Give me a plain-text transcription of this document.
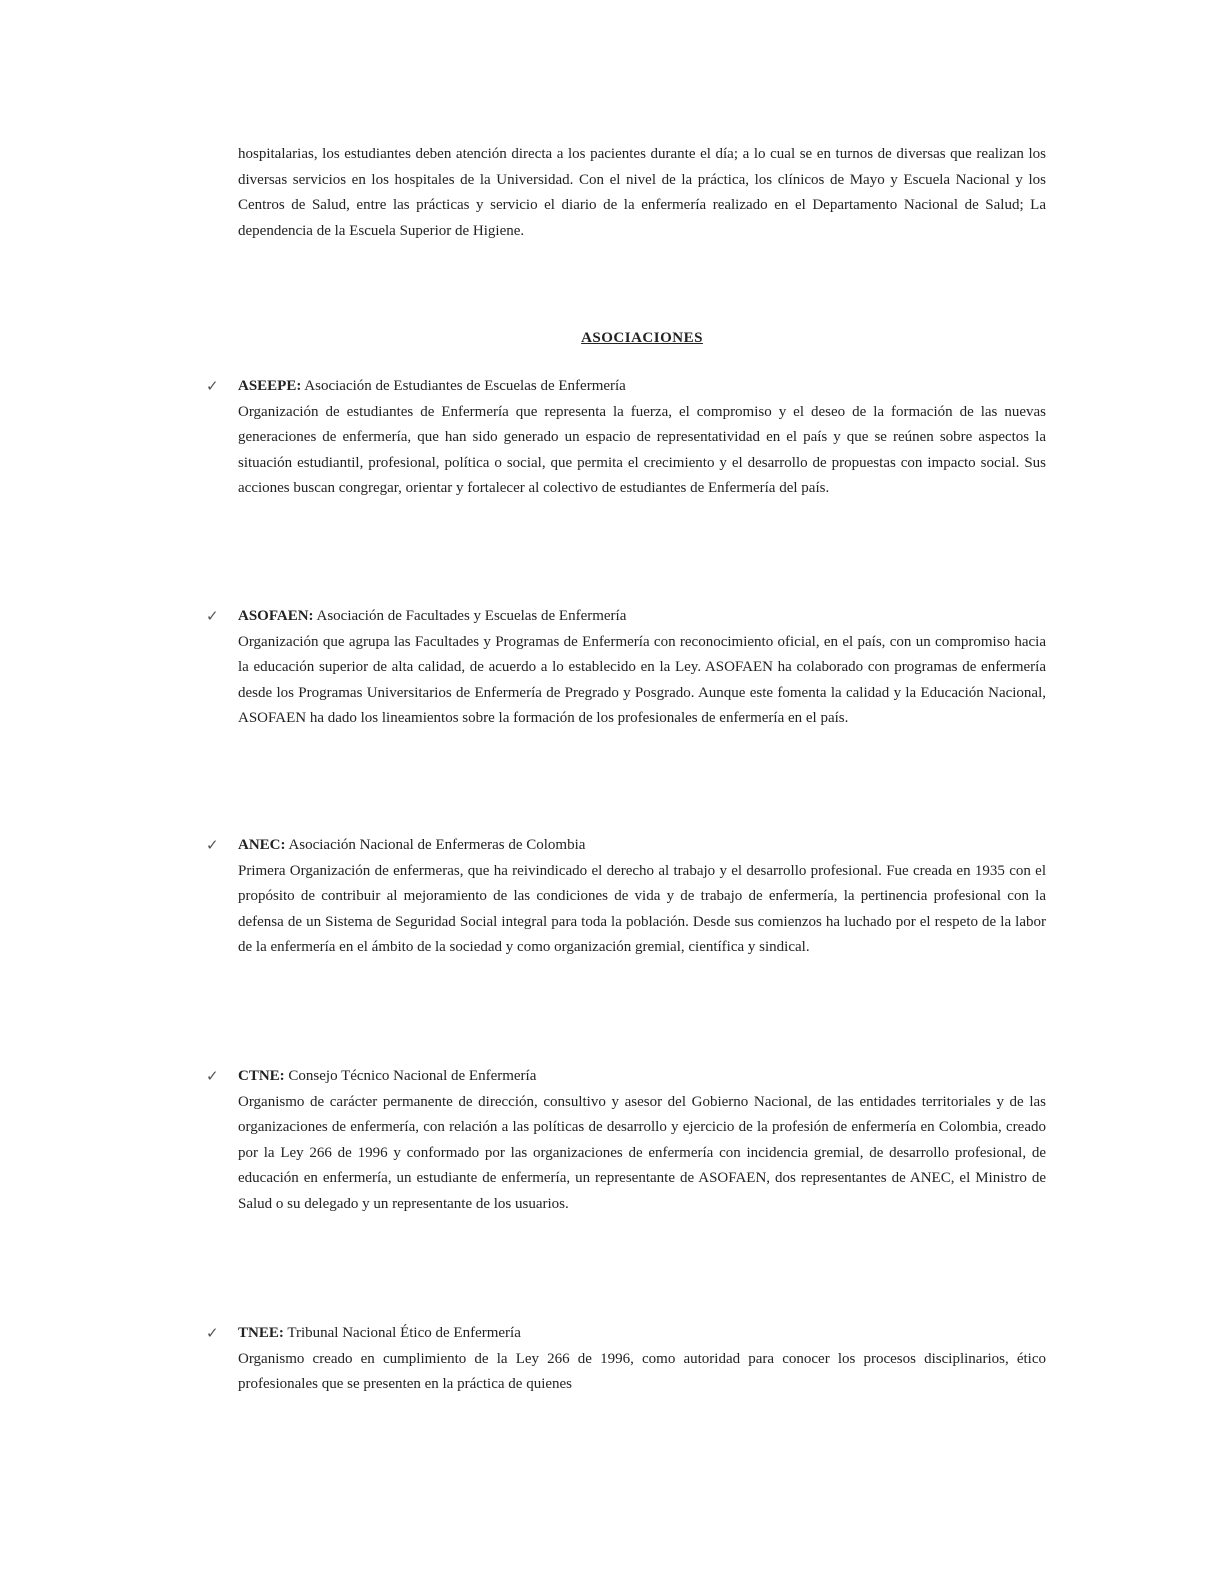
hospitalarias, los estudiantes deben atención directa a los pacientes durante el día; a lo cual se en turnos de diversas que realizan los diversas servicios en los hospitales de la Universidad. Con el nivel de la práctica, los clínicos de Mayo y Escuela Nacional y los Centros de Salud, entre las prácticas y servicio el diario de la enfermería realizado en el Departamento Nacional de Salud; La dependencia de la Escuela Superior de Higiene.

ASOCIACIONES

✓ ASEEPE: Asociación de Estudiantes de Escuelas de Enfermería

Organización de estudiantes de Enfermería que representa la fuerza, el compromiso y el deseo de la formación de las nuevas generaciones de enfermería, que han sido generado un espacio de representatividad en el país y que se reúnen sobre aspectos la situación estudiantil, profesional, política o social, que permita el crecimiento y el desarrollo de propuestas con impacto social. Sus acciones buscan congregar, orientar y fortalecer al colectivo de estudiantes de Enfermería del país.

✓ ASOFAEN: Asociación de Facultades y Escuelas de Enfermería

Organización que agrupa las Facultades y Programas de Enfermería con reconocimiento oficial, en el país, con un compromiso hacia la educación superior de alta calidad, de acuerdo a lo establecido en la Ley. ASOFAEN ha colaborado con programas de enfermería desde los Programas Universitarios de Enfermería de Pregrado y Posgrado. Aunque este fomenta la calidad y la Educación Nacional, ASOFAEN ha dado los lineamientos sobre la formación de los profesionales de enfermería en el país.

✓ ANEC: Asociación Nacional de Enfermeras de Colombia

Primera Organización de enfermeras, que ha reivindicado el derecho al trabajo y el desarrollo profesional. Fue creada en 1935 con el propósito de contribuir al mejoramiento de las condiciones de vida y de trabajo de enfermería, la pertinencia profesional con la defensa de un Sistema de Seguridad Social integral para toda la población. Desde sus comienzos ha luchado por el respeto de la labor de la enfermería en el ámbito de la sociedad y como organización gremial, científica y sindical.

✓ CTNE: Consejo Técnico Nacional de Enfermería

Organismo de carácter permanente de dirección, consultivo y asesor del Gobierno Nacional, de las entidades territoriales y de las organizaciones de enfermería, con relación a las políticas de desarrollo y ejercicio de la profesión de enfermería en Colombia, creado por la Ley 266 de 1996 y conformado por las organizaciones de enfermería con incidencia gremial, de desarrollo profesional, de educación en enfermería, un estudiante de enfermería, un representante de ASOFAEN, dos representantes de ANEC, el Ministro de Salud o su delegado y un representante de los usuarios.

✓ TNEE: Tribunal Nacional Ético de Enfermería

Organismo creado en cumplimiento de la Ley 266 de 1996, como autoridad para conocer los procesos disciplinarios, ético profesionales que se presenten en la práctica de quienes
